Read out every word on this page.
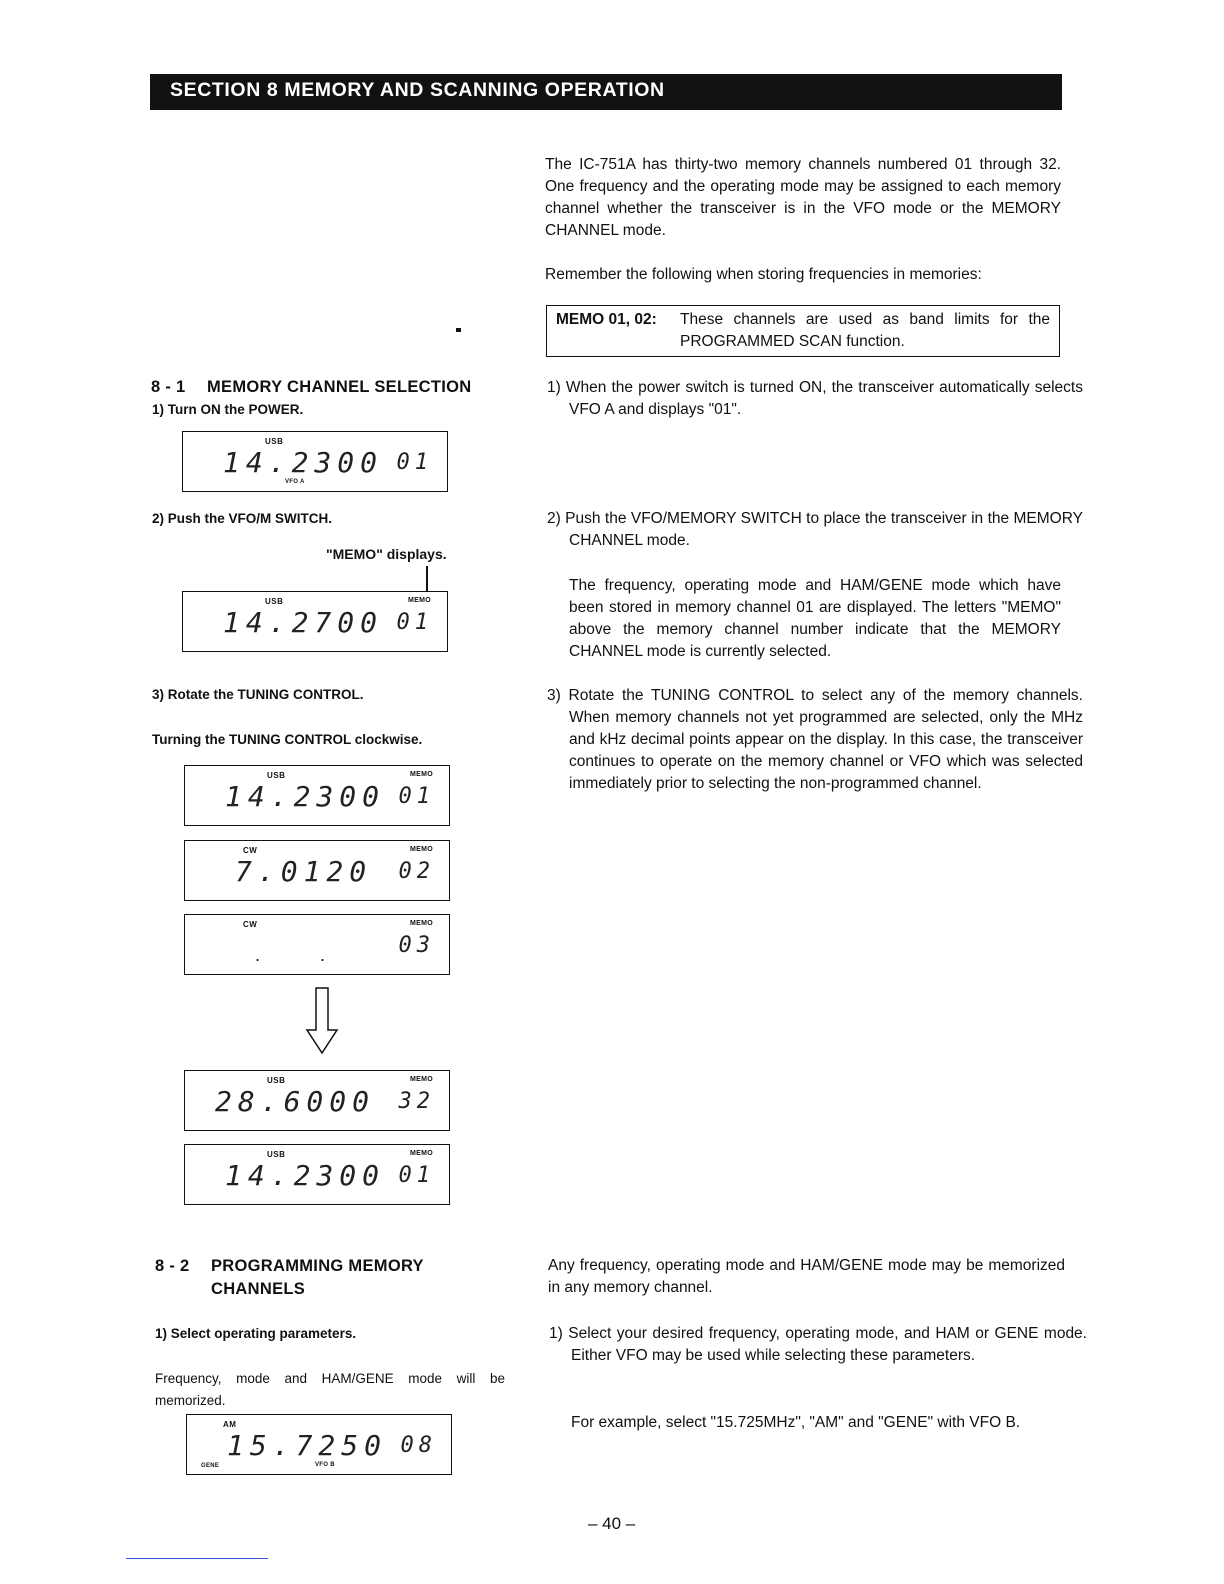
SECTION 8 MEMORY AND SCANNING OPERATION
The IC-751A has thirty-two memory channels numbered 01 through 32. One frequency and the operating mode may be assigned to each memory channel whether the transceiver is in the VFO mode or the MEMORY CHANNEL mode.
Remember the following when storing frequencies in memories:
MEMO 01, 02: These channels are used as band limits for the PROGRAMMED SCAN function.
8 - 1 MEMORY CHANNEL SELECTION
1) Turn ON the POWER.
USB
14.2300 01
VFO A
2) Push the VFO/M SWITCH.
"MEMO" displays.
USB	MEMO
14.2700 01
3) Rotate the TUNING CONTROL.
Turning the TUNING CONTROL clockwise.
USB	MEMO
14.2300 01
CW	MEMO
7.0120 02
CW	MEMO
.. 03
USB	MEMO
28.6000 32
USB	MEMO
14.2300 01
1) When the power switch is turned ON, the transceiver automatically selects VFO A and displays "01".
2) Push the VFO/MEMORY SWITCH to place the transceiver in the MEMORY CHANNEL mode.
The frequency, operating mode and HAM/GENE mode which have been stored in memory channel 01 are displayed. The letters "MEMO" above the memory channel number indicate that the MEMORY CHANNEL mode is currently selected.
3) Rotate the TUNING CONTROL to select any of the memory channels. When memory channels not yet programmed are selected, only the MHz and kHz decimal points appear on the display. In this case, the transceiver continues to operate on the memory channel or VFO which was selected immediately prior to selecting the non-programmed channel.
8 - 2 PROGRAMMING MEMORY CHANNELS
1) Select operating parameters.
Frequency, mode and HAM/GENE mode will be memorized.
AM
15.7250 08
GENE	VFO B
Any frequency, operating mode and HAM/GENE mode may be memorized in any memory channel.
1) Select your desired frequency, operating mode, and HAM or GENE mode. Either VFO may be used while selecting these parameters.
For example, select "15.725MHz", "AM" and "GENE" with VFO B.
– 40 –
